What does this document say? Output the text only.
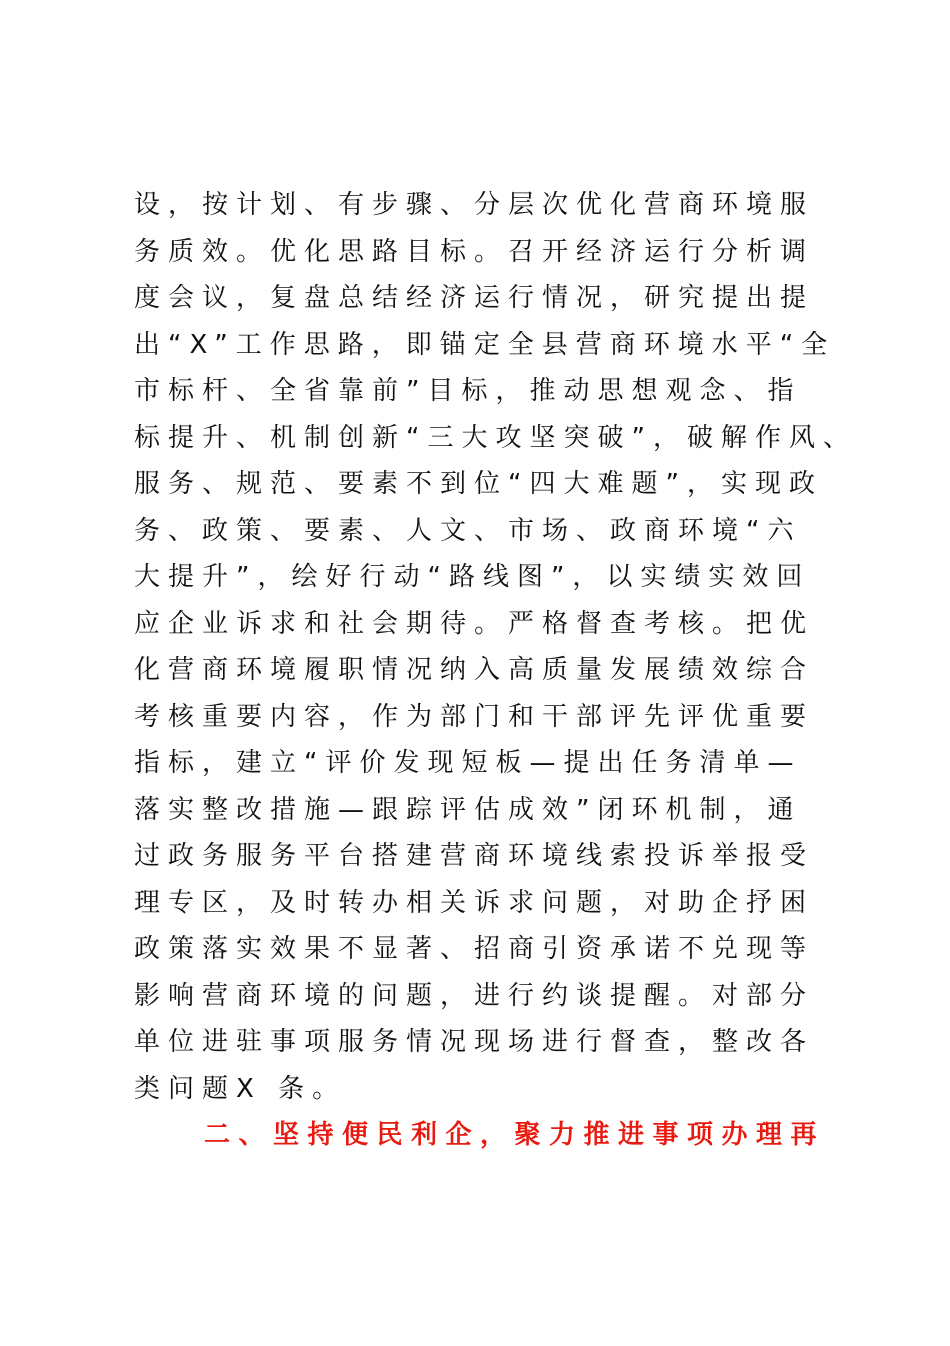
设，按计划、有步骤、分层次优化营商环境服
务质效。优化思路目标。召开经济运行分析调
度会议，复盘总结经济运行情况，研究提出提
出“X”工作思路，即锚定全县营商环境水平“全
市标杆、全省靠前”目标，推动思想观念、指
标提升、机制创新“三大攻坚突破”，破解作风、
服务、规范、要素不到位“四大难题”，实现政
务、政策、要素、人文、市场、政商环境“六
大提升”，绘好行动“路线图”，以实绩实效回
应企业诉求和社会期待。严格督查考核。把优
化营商环境履职情况纳入高质量发展绩效综合
考核重要内容，作为部门和干部评先评优重要
指标，建立“评价发现短板—提出任务清单—
落实整改措施—跟踪评估成效”闭环机制，通
过政务服务平台搭建营商环境线索投诉举报受
理专区，及时转办相关诉求问题，对助企抒困
政策落实效果不显著、招商引资承诺不兑现等
影响营商环境的问题，进行约谈提醒。对部分
单位进驻事项服务情况现场进行督查，整改各
类问题X 条。
二、坚持便民利企，聚力推进事项办理再
